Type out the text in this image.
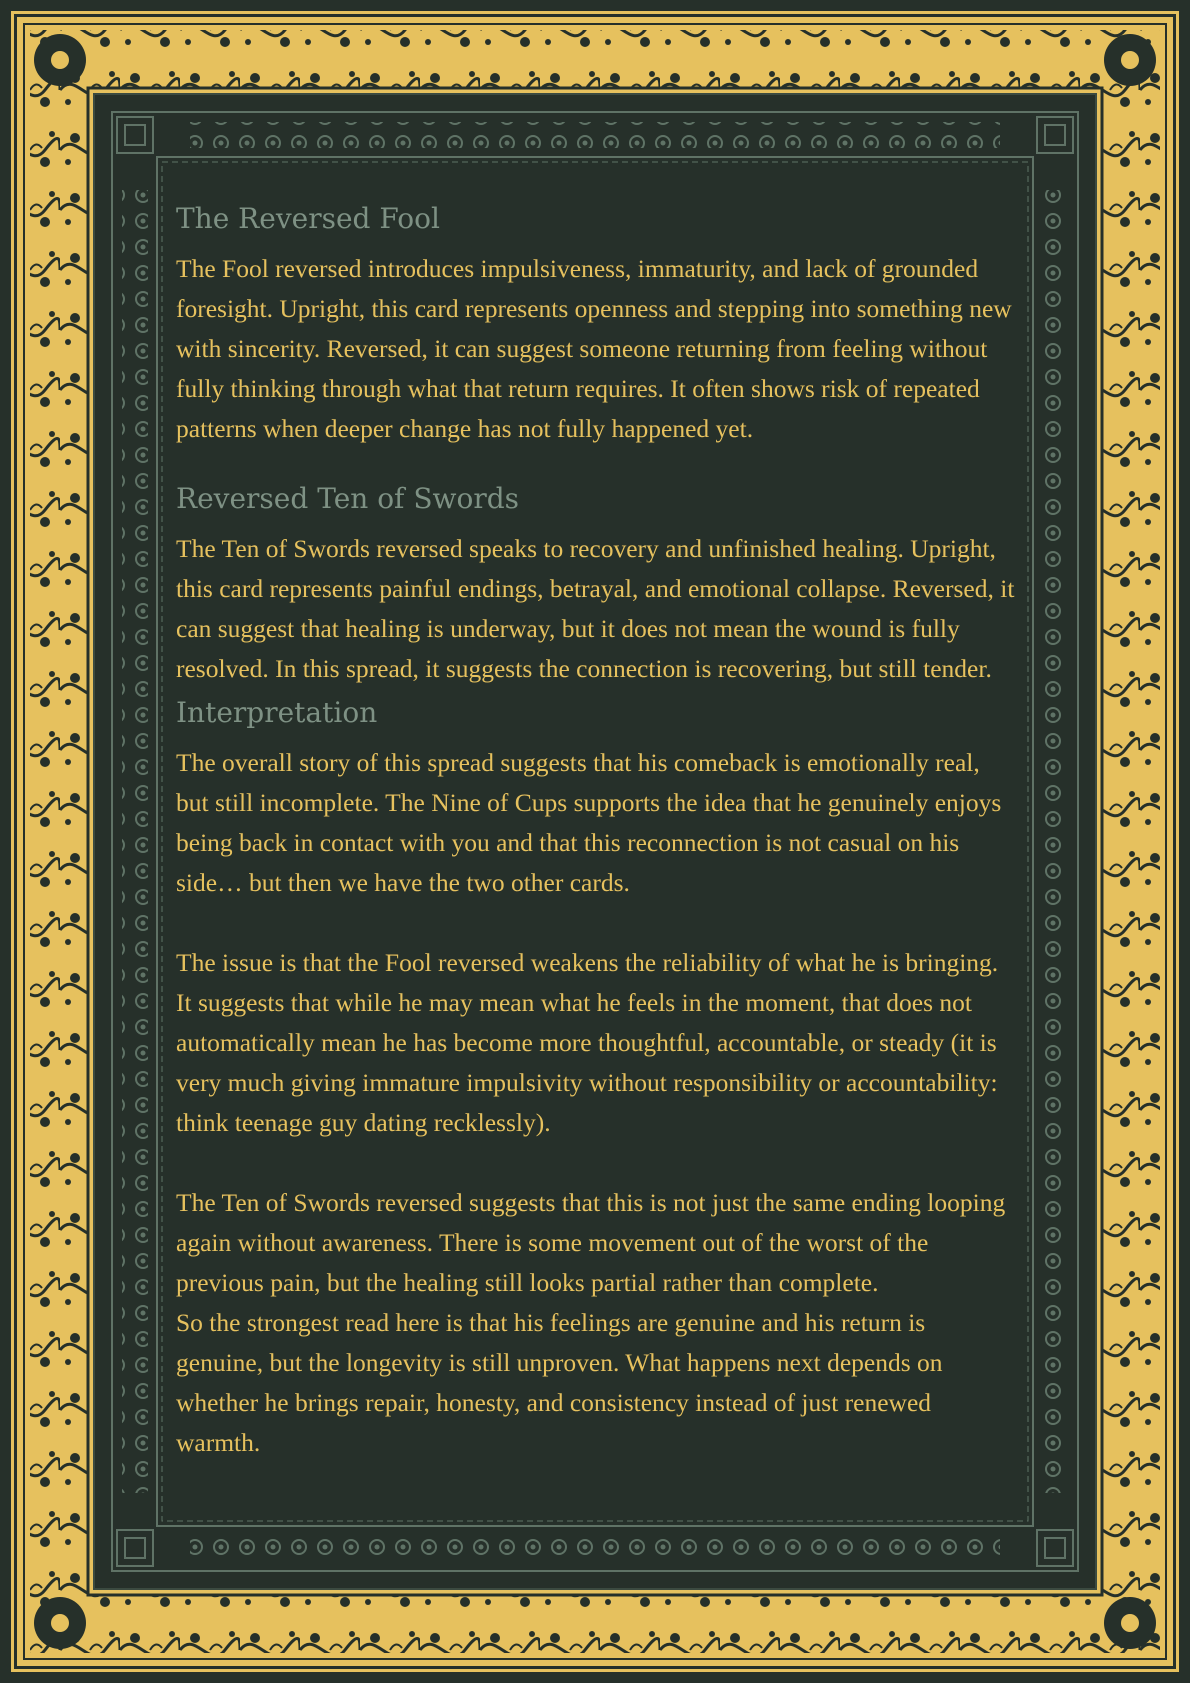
The Reversed Fool

The Fool reversed introduces impulsiveness, immaturity, and lack of grounded foresight. Upright, this card represents openness and stepping into something new with sincerity. Reversed, it can suggest someone returning from feeling without fully thinking through what that return requires. It often shows risk of repeated patterns when deeper change has not fully happened yet.

Reversed Ten of Swords

The Ten of Swords reversed speaks to recovery and unfinished healing. Upright, this card represents painful endings, betrayal, and emotional collapse. Reversed, it can suggest that healing is underway, but it does not mean the wound is fully resolved. In this spread, it suggests the connection is recovering, but still tender.

Interpretation

The overall story of this spread suggests that his comeback is emotionally real, but still incomplete. The Nine of Cups supports the idea that he genuinely enjoys being back in contact with you and that this reconnection is not casual on his side… but then we have the two other cards.

The issue is that the Fool reversed weakens the reliability of what he is bringing. It suggests that while he may mean what he feels in the moment, that does not automatically mean he has become more thoughtful, accountable, or steady (it is very much giving immature impulsivity without responsibility or accountability: think teenage guy dating recklessly).

The Ten of Swords reversed suggests that this is not just the same ending looping again without awareness. There is some movement out of the worst of the previous pain, but the healing still looks partial rather than complete.

So the strongest read here is that his feelings are genuine and his return is genuine, but the longevity is still unproven. What happens next depends on whether he brings repair, honesty, and consistency instead of just renewed warmth.
